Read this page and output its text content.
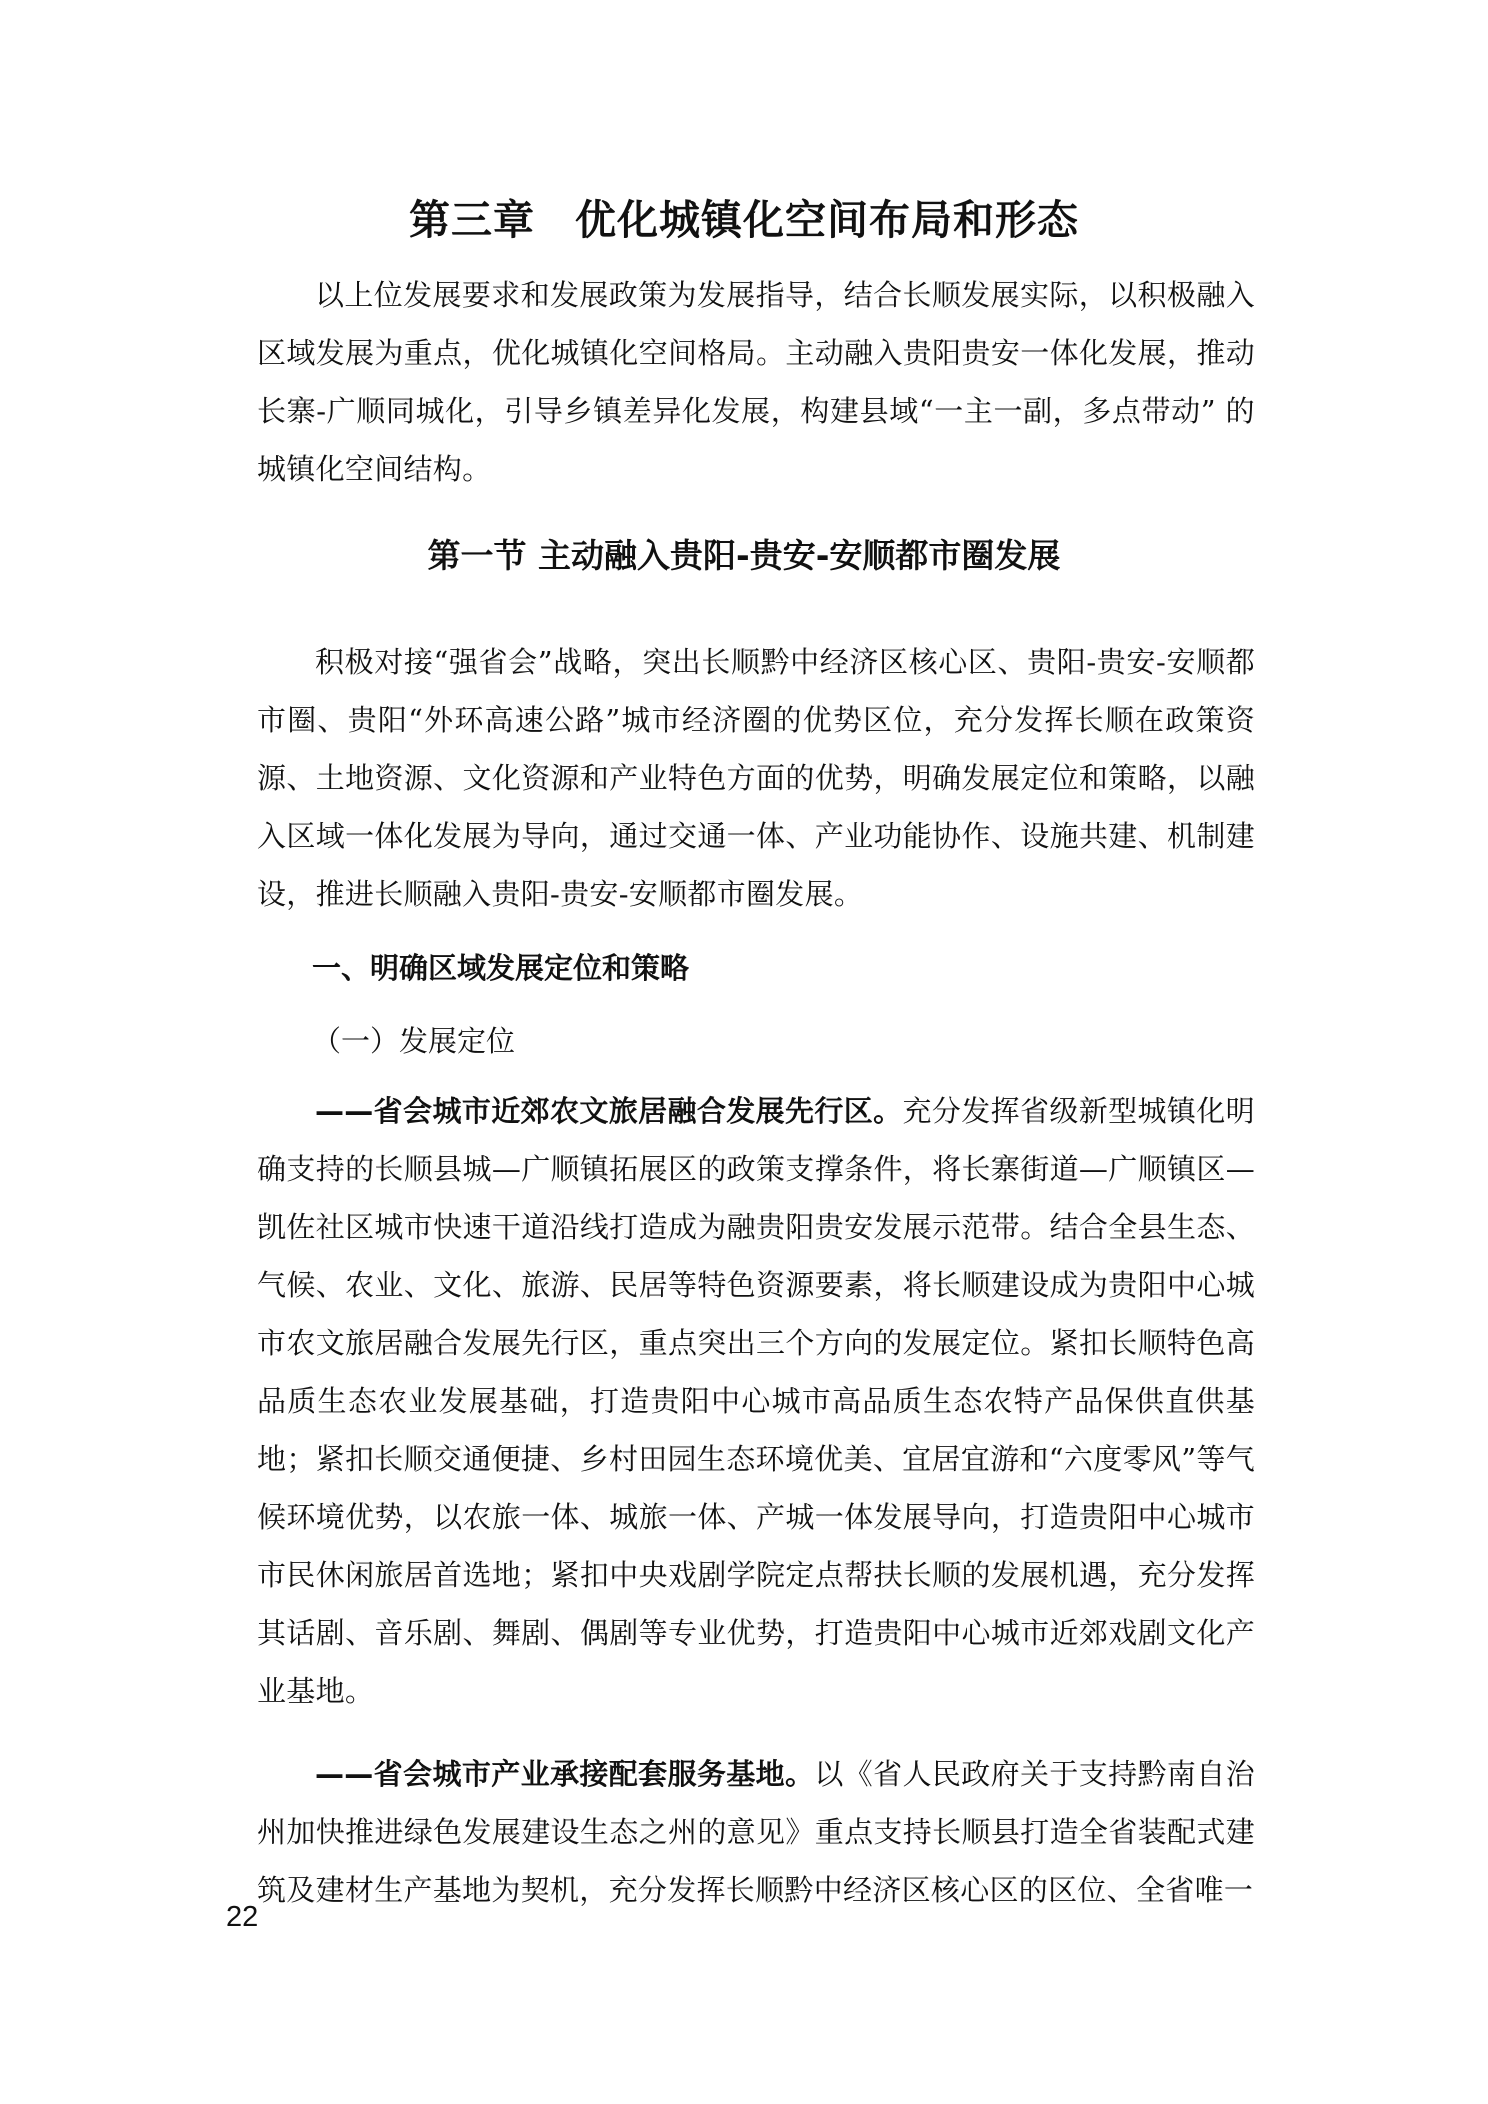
第三章 优化城镇化空间布局和形态

以上位发展要求和发展政策为发展指导，结合长顺发展实际，以积极融入区域发展为重点，优化城镇化空间格局。主动融入贵阳贵安一体化发展，推动长寨-广顺同城化，引导乡镇差异化发展，构建县域“一主一副，多点带动” 的城镇化空间结构。

第一节 主动融入贵阳-贵安-安顺都市圈发展

积极对接“强省会”战略，突出长顺黔中经济区核心区、贵阳-贵安-安顺都市圈、贵阳“外环高速公路”城市经济圈的优势区位，充分发挥长顺在政策资源、土地资源、文化资源和产业特色方面的优势，明确发展定位和策略，以融入区域一体化发展为导向，通过交通一体、产业功能协作、设施共建、机制建设，推进长顺融入贵阳-贵安-安顺都市圈发展。

一、明确区域发展定位和策略

（一）发展定位

——省会城市近郊农文旅居融合发展先行区。充分发挥省级新型城镇化明确支持的长顺县城—广顺镇拓展区的政策支撑条件，将长寨街道—广顺镇区—凯佐社区城市快速干道沿线打造成为融贵阳贵安发展示范带。结合全县生态、气候、农业、文化、旅游、民居等特色资源要素，将长顺建设成为贵阳中心城市农文旅居融合发展先行区，重点突出三个方向的发展定位。紧扣长顺特色高品质生态农业发展基础，打造贵阳中心城市高品质生态农特产品保供直供基地；紧扣长顺交通便捷、乡村田园生态环境优美、宜居宜游和“六度零风”等气候环境优势，以农旅一体、城旅一体、产城一体发展导向，打造贵阳中心城市市民休闲旅居首选地；紧扣中央戏剧学院定点帮扶长顺的发展机遇，充分发挥其话剧、音乐剧、舞剧、偶剧等专业优势，打造贵阳中心城市近郊戏剧文化产业基地。

——省会城市产业承接配套服务基地。以《省人民政府关于支持黔南自治州加快推进绿色发展建设生态之州的意见》重点支持长顺县打造全省装配式建筑及建材生产基地为契机，充分发挥长顺黔中经济区核心区的区位、全省唯一

22
